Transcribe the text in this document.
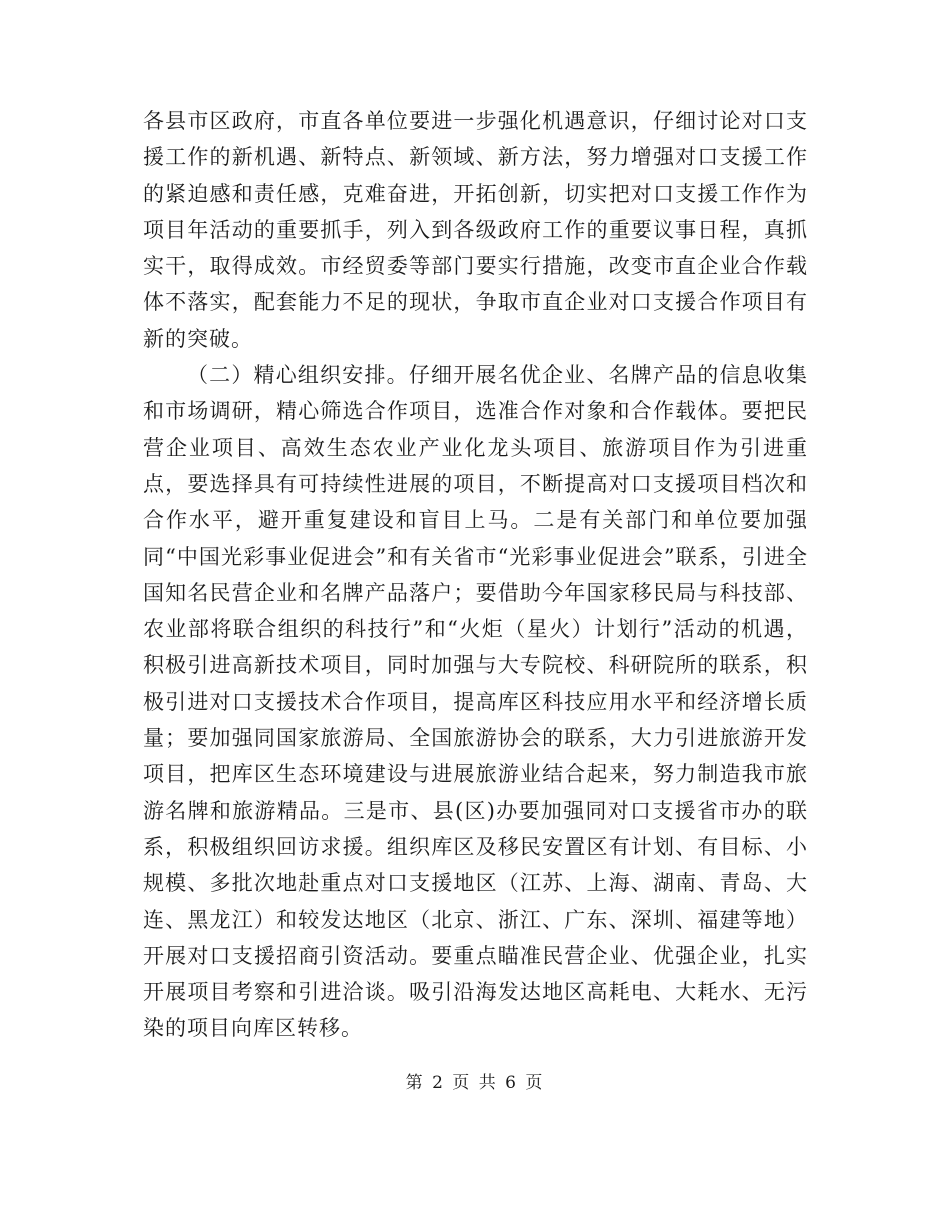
各县市区政府，市直各单位要进一步强化机遇意识，仔细讨论对口支援工作的新机遇、新特点、新领域、新方法，努力增强对口支援工作的紧迫感和责任感，克难奋进，开拓创新，切实把对口支援工作作为项目年活动的重要抓手，列入到各级政府工作的重要议事日程，真抓实干，取得成效。市经贸委等部门要实行措施，改变市直企业合作载体不落实，配套能力不足的现状，争取市直企业对口支援合作项目有新的突破。

（二）精心组织安排。仔细开展名优企业、名牌产品的信息收集和市场调研，精心筛选合作项目，选准合作对象和合作载体。要把民营企业项目、高效生态农业产业化龙头项目、旅游项目作为引进重点，要选择具有可持续性进展的项目，不断提高对口支援项目档次和合作水平，避开重复建设和盲目上马。二是有关部门和单位要加强同“中国光彩事业促进会”和有关省市“光彩事业促进会”联系，引进全国知名民营企业和名牌产品落户；要借助今年国家移民局与科技部、农业部将联合组织的科技行”和“火炬（星火）计划行”活动的机遇，积极引进高新技术项目，同时加强与大专院校、科研院所的联系，积极引进对口支援技术合作项目，提高库区科技应用水平和经济增长质量；要加强同国家旅游局、全国旅游协会的联系，大力引进旅游开发项目，把库区生态环境建设与进展旅游业结合起来，努力制造我市旅游名牌和旅游精品。三是市、县(区)办要加强同对口支援省市办的联系，积极组织回访求援。组织库区及移民安置区有计划、有目标、小规模、多批次地赴重点对口支援地区（江苏、上海、湖南、青岛、大连、黑龙江）和较发达地区（北京、浙江、广东、深圳、福建等地）开展对口支援招商引资活动。要重点瞄准民营企业、优强企业，扎实开展项目考察和引进洽谈。吸引沿海发达地区高耗电、大耗水、无污染的项目向库区转移。

第 2 页 共 6 页
